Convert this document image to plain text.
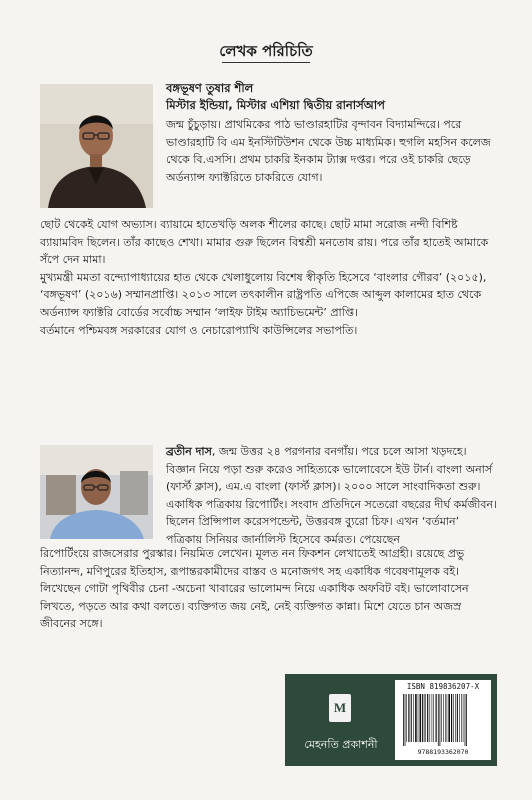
লেখক পরিচিতি
বঙ্গভূষণ তুষার শীল
মিস্টার ইন্ডিয়া, মিস্টার এশিয়া দ্বিতীয় রানার্সআপ
জন্ম চুঁচুড়ায়। প্রাথমিকের পাঠ ভাণ্ডারহাটির বৃন্দাবন বিদ্যামন্দিরে। পরে ভাণ্ডারহাটি বি এম ইনস্টিটিউশন থেকে উচ্চ মাধ্যমিক। হুগলি মহসিন কলেজ থেকে বি.এসসি। প্রথম চাকরি ইনকাম ট্যাক্স দপ্তর। পরে ওই চাকরি ছেড়ে অর্ডন্যান্স ফ্যাক্টরিতে চাকরিতে যোগ।

ছোট থেকেই যোগ অভ্যাস। ব্যায়ামে হাতেখড়ি অলক শীলের কাছে। ছোট মামা সরোজ নন্দী বিশিষ্ট ব্যায়ামবিদ ছিলেন। তাঁর কাছেও শেখা। মামার গুরু ছিলেন বিশ্বশ্রী মনতোষ রায়। পরে তাঁর হাতেই আমাকে সঁপে দেন মামা।

মুখ্যমন্ত্রী মমতা বন্দ্যোপাধ্যায়ের হাত থেকে খেলাধুলোয় বিশেষ স্বীকৃতি হিসেবে ‘বাংলার গৌরব’ (২০১৫), ‘বঙ্গভূষণ’ (২০১৬) সম্মানপ্রাপ্তি। ২০১৩ সালে তৎকালীন রাষ্ট্রপতি এপিজে আব্দুল কালামের হাত থেকে অর্ডন্যান্স ফ্যাক্টরি বোর্ডের সর্বোচ্চ সম্মান ‘লাইফ টাইম অ্যাচিভমেন্ট’ প্রাপ্তি।

বর্তমানে পশ্চিমবঙ্গ সরকারের যোগ ও নেচারোপ্যাথি কাউন্সিলের সভাপতি।

ব্রতীন দাস, জন্ম উত্তর ২৪ পরগনার বনগাঁয়। পরে চলে আসা খড়দহে। বিজ্ঞান নিয়ে পড়া শুরু করেও সাহিত্যকে ভালোবেসে ইউ টার্ন। বাংলা অনার্স (ফার্স্ট ক্লাস), এম.এ বাংলা (ফার্স্ট ক্লাস)। ২০০০ সালে সাংবাদিকতা শুরু। একাধিক পত্রিকায় রিপোর্টিং। সংবাদ প্রতিদিনে সতেরো বছরের দীর্ঘ কর্মজীবন। ছিলেন প্রিন্সিপাল করেসপন্ডেন্ট, উত্তরবঙ্গ ব্যুরো চিফ। এখন ‘বর্তমান’ পত্রিকায় সিনিয়র জার্নালিস্ট হিসেবে কর্মরত। পেয়েছেন

রিপোর্টিংয়ে রাজসেরার পুরস্কার। নিয়মিত লেখেন। মূলত নন ফিকশন লেখাতেই আগ্রহী। রয়েছে প্রভু নিত্যানন্দ, মণিপুরের ইতিহাস, রূপান্তরকামীদের বাস্তব ও মনোজগৎ সহ একাধিক গবেষণামূলক বই। লিখেছেন গোটা পৃথিবীর চেনা -অচেনা খাবারের ভালোমন্দ নিয়ে একাধিক অফবিট বই। ভালোবাসেন লিখতে, পড়তে আর কথা বলতে। ব্যক্তিগত জয় নেই, নেই ব্যক্তিগত কান্না। মিশে যেতে চান অজস্র জীবনের সঙ্গে।

M
মেহনতি প্রকাশনী
ISBN 819836207-X
9788193362070
